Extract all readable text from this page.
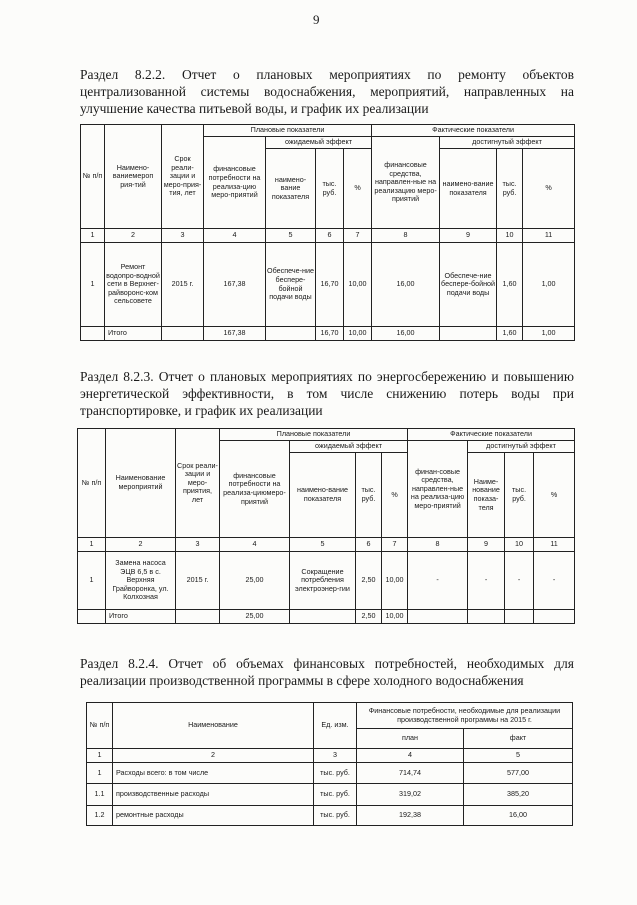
9
Раздел 8.2.2. Отчет о плановых мероприятиях по ремонту объектов централизованной системы водоснабжения, мероприятий, направленных на улучшение качества питьевой воды, и график их реализации
№ п/п	Наимено-ваниемероп рия-тий	Срок реали-зации и меро-прия-тия, лет	Плановые показатели				Фактические показатели			
			финансовые потребности на реализа-цию меро-приятий	ожидаемый эффект			финансовые средства, направлен-ные на реализацию меро-приятий	достигнутый эффект		
				наимено-вание показателя	тыс. руб.	%		наимено-вание показателя	тыс. руб.	%
1	2	3	4	5	6	7	8	9	10	11
1	Ремонт водопро-водной сети в Верхнег-райворонс-ком сельсовете	2015 г.	167,38	Обеспече-ние беспере-бойной подачи воды	16,70	10,00	16,00	Обеспече-ние беспере-бойной подачи воды	1,60	1,00
	Итого		167,38		16,70	10,00	16,00		1,60	1,00
Раздел 8.2.3. Отчет о плановых мероприятиях по энергосбережению и повышению энергетической эффективности, в том числе снижению потерь воды при транспортировке, и график их реализации
№ п/п	Наименование мероприятий	Срок реали-зации и меро-приятия, лет	Плановые показатели				Фактические показатели			
			финансовые потребности на реализа-циюмеро-приятий	ожидаемый эффект			финан-совые средства, направлен-ные на реализа-цию меро-приятий	достигнутый эффект		
				наимено-вание показателя	тыс. руб.	%		Наиме-нование показа-теля	тыс. руб.	%
1	2	3	4	5	6	7	8	9	10	11
1	Замена насоса ЭЦВ 6,5 в с. Верхняя Грайворонка, ул. Колхозная	2015 г.	25,00	Сокращение потребления электроэнер-гии	2,50	10,00	-	-	-	-
	Итого		25,00		2,50	10,00				
Раздел 8.2.4. Отчет об объемах финансовых потребностей, необходимых для реализации производственной программы в сфере холодного водоснабжения
№ п/п	Наименование	Ед. изм.	Финансовые потребности, необходимые для реализации производственной программы на 2015 г.	
			план	факт
1	2	3	4	5
1	Расходы всего: в том числе	тыс. руб.	714,74	577,00
1.1	производственные расходы	тыс. руб.	319,02	385,20
1.2	ремонтные расходы	тыс. руб.	192,38	16,00
